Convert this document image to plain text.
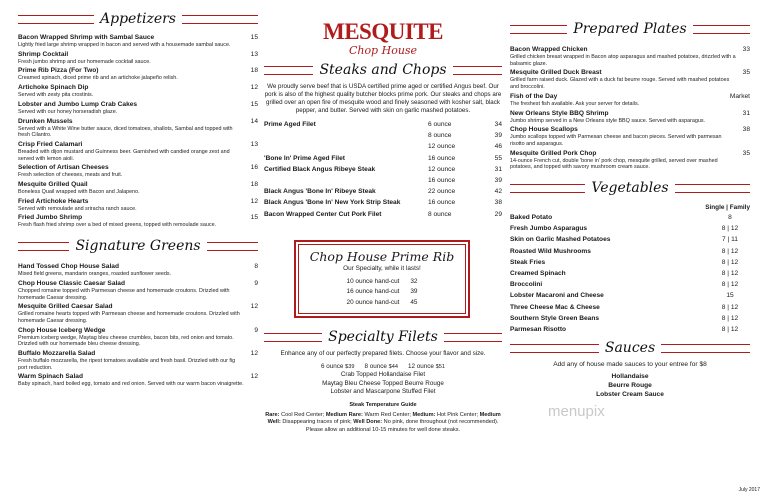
Appetizers
Bacon Wrapped Shrimp with Sambal Sauce
Lightly fried large shrimp wrapped in bacon and served with a housemade sambal sauce.
15
Shrimp Cocktail
Fresh jumbo shrimp and our homemade cocktail sauce.
13
Prime Rib Pizza (For Two)
Creamed spinach, diced prime rib and an artichoke jalapeño relish.
18
Artichoke Spinach Dip
Served with zesty pita crostinis.
12
Lobster and Jumbo Lump Crab Cakes
Served with our honey horseradish glaze.
15
Drunken Mussels
Served with a White Wine butter sauce, diced tomatoes, shallots, Sambal and topped with fresh Cilantro.
14
Crisp Fried Calamari
Breaded with dijon mustard and Guinness beer. Garnished with candied orange zest and served with lemon aioli.
13
Selection of Artisan Cheeses
Fresh selection of cheeses, meats and fruit.
16
Mesquite Grilled Quail
Boneless Quail wrapped with Bacon and Jalapeno.
18
Fried Artichoke Hearts
Served with remoulade and sriracha ranch sauce.
12
Fried Jumbo Shrimp
Fresh flash fried shrimp over a bed of mixed greens, topped with remoulade sauce.
15
Signature Greens
Hand Tossed Chop House Salad
Mixed field greens, mandarin oranges, roasted sunflower seeds.
8
Chop House Classic Caesar Salad
Chopped romaine topped with Parmesan cheese and homemade croutons. Drizzled with homemade Caesar dressing.
9
Mesquite Grilled Caesar Salad
Grilled romaine hearts topped with Parmesan cheese and homemade croutons. Drizzled with homemade Caesar dressing.
12
Chop House Iceberg Wedge
Premium iceberg wedge, Maytag bleu cheese crumbles, bacon bits, red onion and tomato. Drizzled with our homemade bleu cheese dressing.
9
Buffalo Mozzarella Salad
Fresh buffalo mozzarella, the ripest tomatoes available and fresh basil. Drizzled with our fig port reduction.
12
Warm Spinach Salad
Baby spinach, hard boiled egg, tomato and red onion. Served with our warm bacon vinaigrette.
12
MESQUITE
Chop House
Steaks and Chops
We proudly serve beef that is USDA certified prime aged or certified Angus beef. Our pork is also of the highest quality butcher blocks prime pork. Our steaks and chops are grilled over an open fire of mesquite wood and finely seasoned with kosher salt, black pepper, and butter. Served with skin on garlic mashed potatoes.
Prime Aged Filet	6 ounce	34
8 ounce	39
12 ounce	46
'Bone In' Prime Aged Filet	16 ounce	55
Certified Black Angus Ribeye Steak	12 ounce	31
16 ounce	39
Black Angus 'Bone In' Ribeye Steak	22 ounce	42
Black Angus 'Bone In' New York Strip Steak	16 ounce	38
Bacon Wrapped Center Cut Pork Filet	8 ounce	29
Chop House Prime Rib
Our Specialty, while it lasts!
10 ounce hand-cut 32
16 ounce hand-cut 39
20 ounce hand-cut 45
Specialty Filets
Enhance any of our perfectly prepared filets. Choose your flavor and size.
6 ounce $39 8 ounce $44 12 ounce $51
Crab Topped Hollandaise Filet
Maytag Bleu Cheese Topped Beurre Rouge
Lobster and Mascarpone Stuffed Filet
Steak Temperature Guide
Rare: Cool Red Center; Medium Rare: Warm Red Center; Medium: Hot Pink Center; Medium
Well: Disappearing traces of pink; Well Done: No pink, done throughout (not recommended). Please allow an additional 10-15 minutes for well done steaks.
Prepared Plates
Bacon Wrapped Chicken
Grilled chicken breast wrapped in Bacon atop asparagus and mashed potatoes, drizzled with a balsamic glaze.
33
Mesquite Grilled Duck Breast
Grilled farm raised duck. Glazed with a duck fat beurre rouge. Served with mashed potatoes and broccolini.
35
Fish of the Day
The freshest fish available. Ask your server for details.
Market
New Orleans Style BBQ Shrimp
Jumbo shrimp served in a New Orleans style BBQ sauce. Served with asparagus.
31
Chop House Scallops
Jumbo scallops topped with Parmesan cheese and bacon pieces. Served with parmesan risotto and asparagus.
38
Mesquite Grilled Pork Chop
14-ounce French cut, double 'bone in' pork chop, mesquite grilled, served over mashed potatoes, and topped with savory mushroom cream sauce.
35
Vegetables
Single | Family
Baked Potato	8
Fresh Jumbo Asparagus	8 | 12
Skin on Garlic Mashed Potatoes	7 | 11
Roasted Wild Mushrooms	8 | 12
Steak Fries	8 | 12
Creamed Spinach	8 | 12
Broccolini	8 | 12
Lobster Macaroni and Cheese	15
Three Cheese Mac & Cheese	8 | 12
Southern Style Green Beans	8 | 12
Parmesan Risotto	8 | 12
Sauces
Add any of house made sauces to your entree for $8
Hollandaise
Beurre Rouge
Lobster Cream Sauce
menupix
July 2017
